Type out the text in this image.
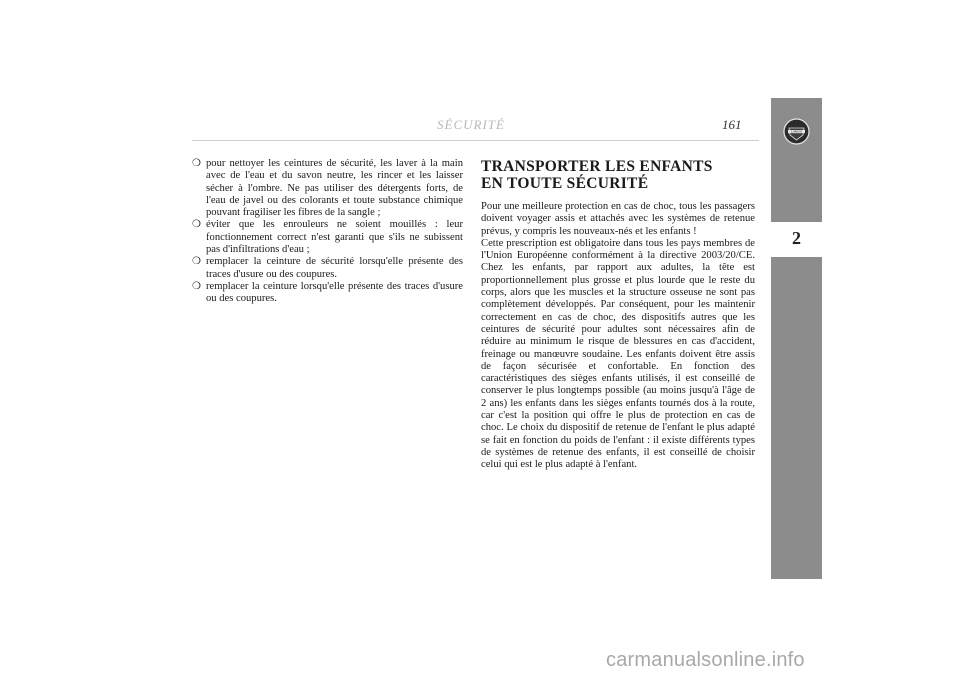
SÉCURITÉ	161

❍ pour nettoyer les ceintures de sécurité, les laver à la main avec de l'eau et du savon neutre, les rincer et les laisser sécher à l'ombre. Ne pas utiliser des détergents forts, de l'eau de javel ou des colorants et toute substance chimique pouvant fragiliser les fibres de la sangle ;

❍ éviter que les enrouleurs ne soient mouillés : leur fonctionnement correct n'est garanti que s'ils ne subissent pas d'infiltrations d'eau ;

❍ remplacer la ceinture de sécurité lorsqu'elle présente des traces d'usure ou des coupures.

❍ remplacer la ceinture lorsqu'elle présente des traces d'usure ou des coupures.

TRANSPORTER LES ENFANTS
EN TOUTE SÉCURITÉ

Pour une meilleure protection en cas de choc, tous les passagers doivent voyager assis et attachés avec les systèmes de retenue prévus, y compris les nouveaux-nés et les enfants !

Cette prescription est obligatoire dans tous les pays membres de l'Union Européenne conformément à la directive 2003/20/CE. Chez les enfants, par rapport aux adultes, la tête est proportionnellement plus grosse et plus lourde que le reste du corps, alors que les muscles et la structure osseuse ne sont pas complètement développés. Par conséquent, pour les maintenir correctement en cas de choc, des dispositifs autres que les ceintures de sécurité pour adultes sont nécessaires afin de réduire au minimum le risque de blessures en cas d'accident, freinage ou manœuvre soudaine. Les enfants doivent être assis de façon sécurisée et confortable. En fonction des caractéristiques des sièges enfants utilisés, il est conseillé de conserver le plus longtemps possible (au moins jusqu'à l'âge de 2 ans) les enfants dans les sièges enfants tournés dos à la route, car c'est la position qui offre le plus de protection en cas de choc. Le choix du dispositif de retenue de l'enfant le plus adapté se fait en fonction du poids de l'enfant : il existe différents types de systèmes de retenue des enfants, il est conseillé de choisir celui qui est le plus adapté à l'enfant.

LANCIA
2
carmanualsonline.info
